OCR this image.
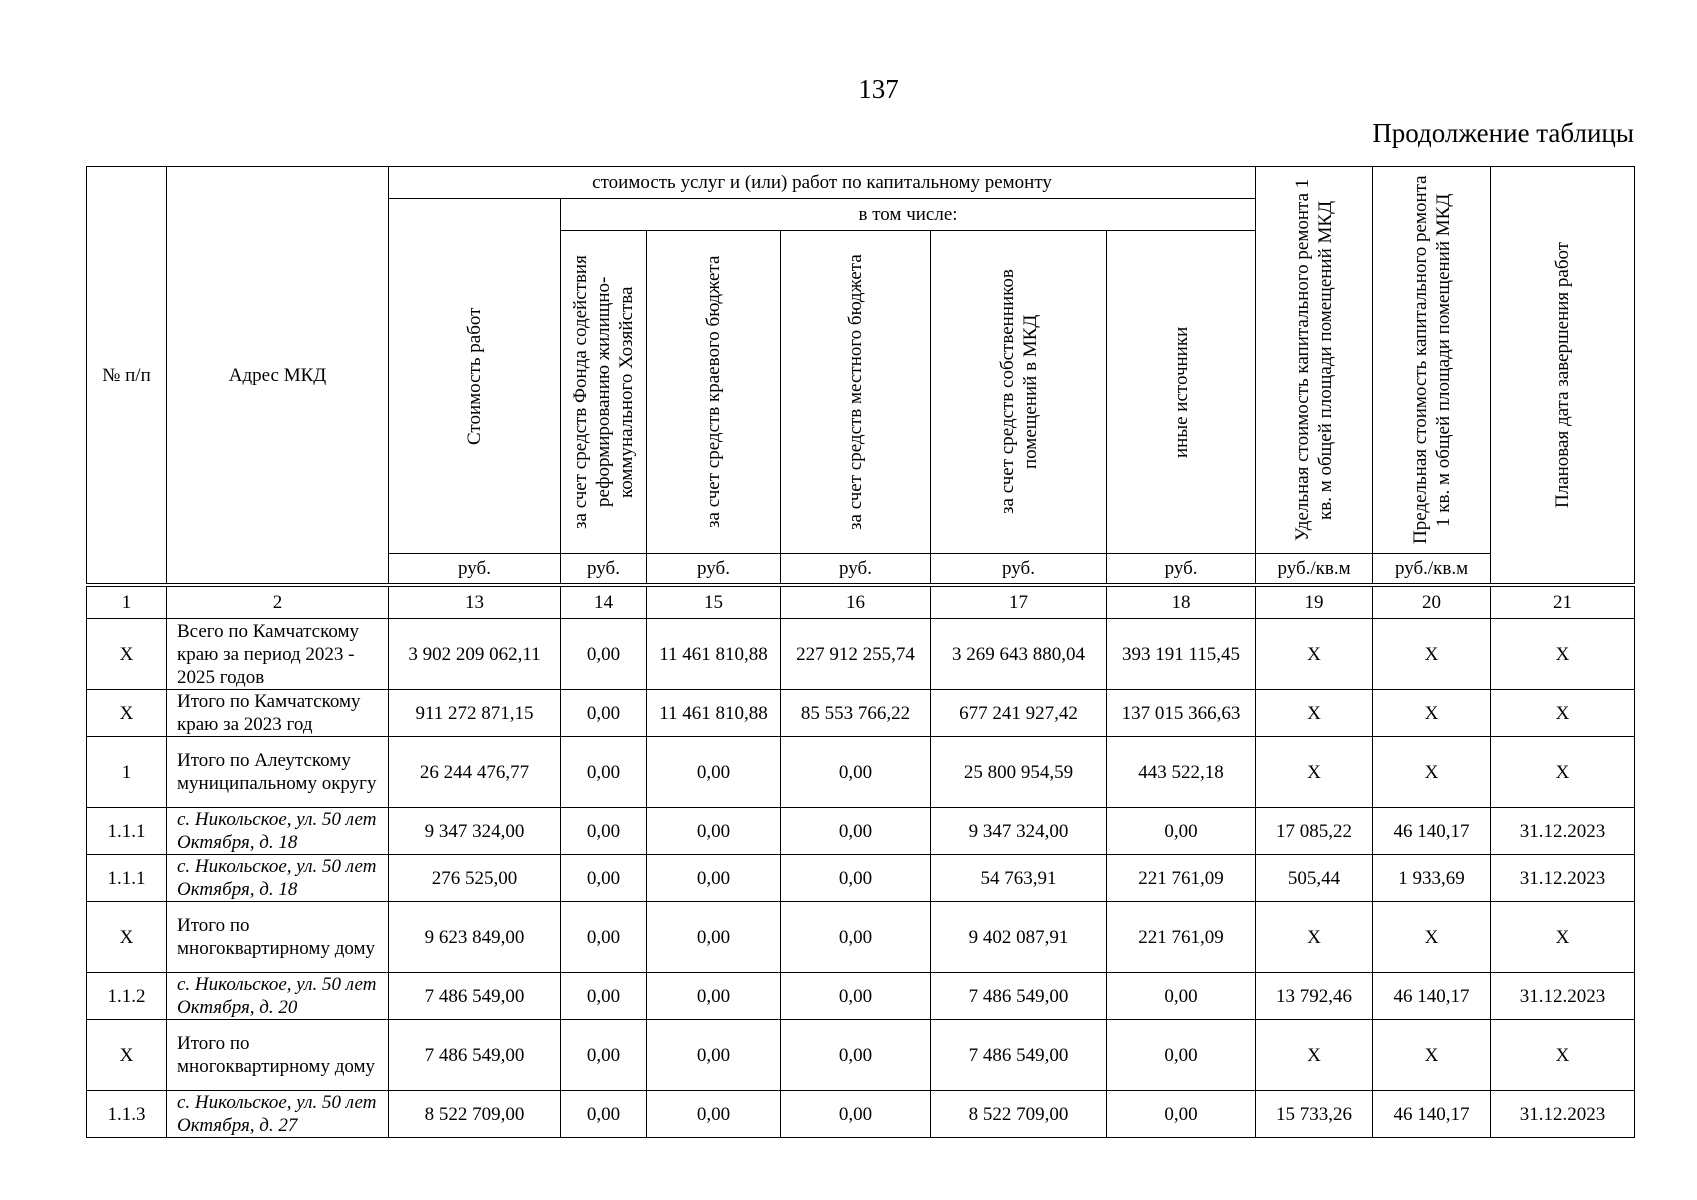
137
Продолжение таблицы
№ п/п	Адрес МКД	стоимость услуг и (или) работ по капитальному ремонту						Удельная стоимость капитального ремонта 1 кв. м общей площади помещений МКД	Предельная стоимость капитального ремонта 1 кв. м общей площади помещений МКД	Плановая дата завершения работ

		Стоимость работ	в том числе:							

			за счет средств Фонда содействия реформированию жилищно-коммунального Хозяйства	за счет средств краевого бюджета	за счет средств местного бюджета	за счет средств собственников помещений в МКД	иные источники			

		руб.	руб.	руб.	руб.	руб.	руб.	руб./кв.м	руб./кв.м	
1	2	13	14	15	16	17	18	19	20	21
X	Всего по Камчатскому краю за период 2023 - 2025 годов	3 902 209 062,11	0,00	11 461 810,88	227 912 255,74	3 269 643 880,04	393 191 115,45	X	X	X
X	Итого по Камчатскому краю за 2023 год	911 272 871,15	0,00	11 461 810,88	85 553 766,22	677 241 927,42	137 015 366,63	X	X	X
1	Итого по Алеутскому муниципальному округу	26 244 476,77	0,00	0,00	0,00	25 800 954,59	443 522,18	X	X	X
1.1.1	с. Никольское, ул. 50 лет Октября, д. 18	9 347 324,00	0,00	0,00	0,00	9 347 324,00	0,00	17 085,22	46 140,17	31.12.2023
1.1.1	с. Никольское, ул. 50 лет Октября, д. 18	276 525,00	0,00	0,00	0,00	54 763,91	221 761,09	505,44	1 933,69	31.12.2023
X	Итого по многоквартирному дому	9 623 849,00	0,00	0,00	0,00	9 402 087,91	221 761,09	X	X	X
1.1.2	с. Никольское, ул. 50 лет Октября, д. 20	7 486 549,00	0,00	0,00	0,00	7 486 549,00	0,00	13 792,46	46 140,17	31.12.2023
X	Итого по многоквартирному дому	7 486 549,00	0,00	0,00	0,00	7 486 549,00	0,00	X	X	X
1.1.3	с. Никольское, ул. 50 лет Октября, д. 27	8 522 709,00	0,00	0,00	0,00	8 522 709,00	0,00	15 733,26	46 140,17	31.12.2023
